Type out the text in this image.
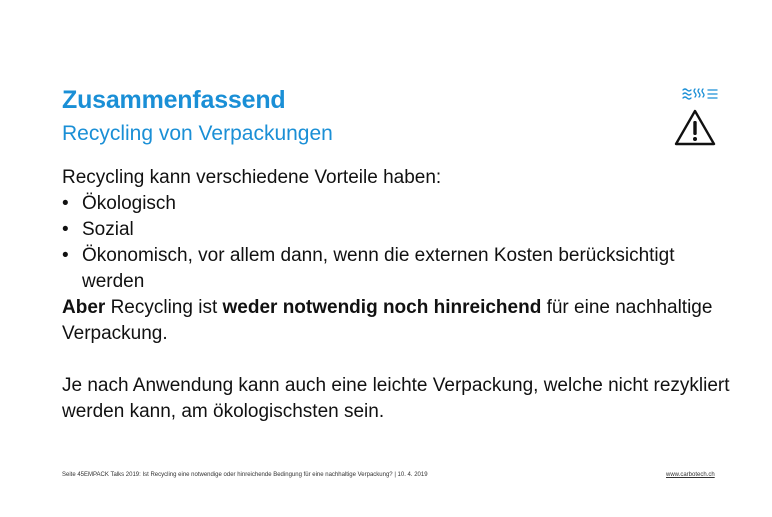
Zusammenfassend
Recycling von Verpackungen

Recycling kann verschiedene Vorteile haben:

• Ökologisch
• Sozial
• Ökonomisch, vor allem dann, wenn die externen Kosten berücksichtigt werden

Aber Recycling ist weder notwendig noch hinreichend für eine nachhaltige Verpackung.

Je nach Anwendung kann auch eine leichte Verpackung, welche nicht rezykliert werden kann, am ökologischsten sein.

Seite 45 EMPACK Talks 2019: Ist Recycling eine notwendige oder hinreichende Bedingung für eine nachhaltige Verpackung? | 10. 4. 2019	www.carbotech.ch
